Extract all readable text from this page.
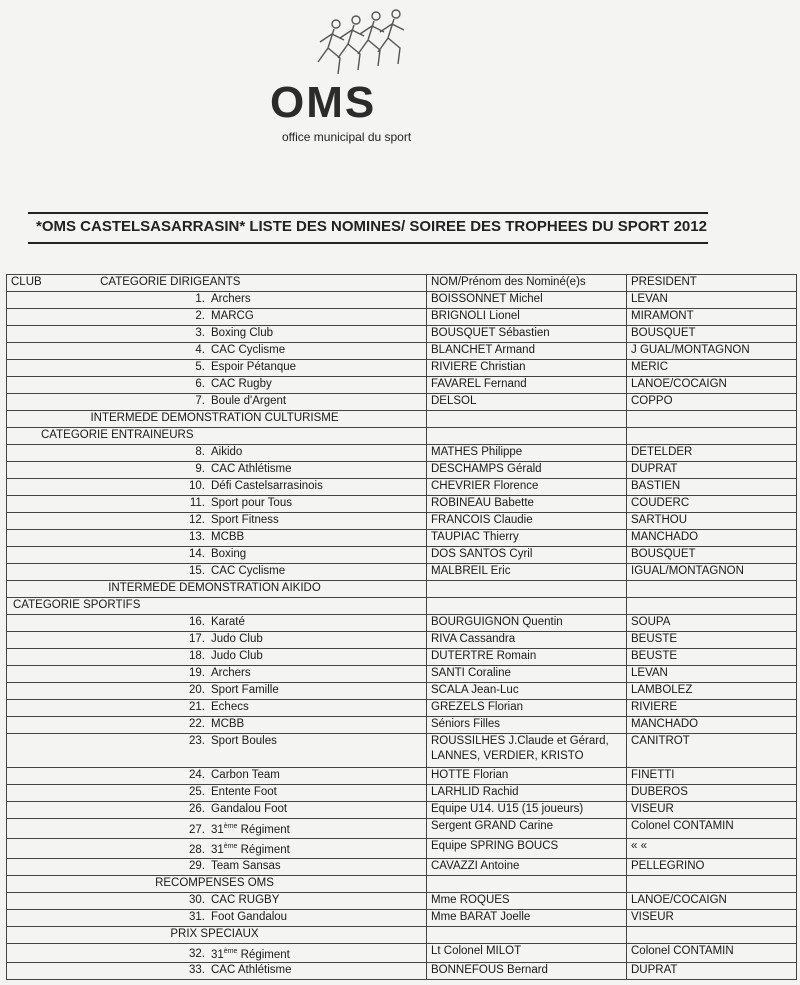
OMS
office municipal du sport
*OMS CASTELSASARRASIN* LISTE DES NOMINES/ SOIREE DES TROPHEES DU SPORT 2012
CLUB CATEGORIE DIRIGEANTS	NOM/Prénom des Nominé(e)s	PRESIDENT
1. Archers	BOISSONNET Michel	LEVAN
2. MARCG	BRIGNOLI Lionel	MIRAMONT
3. Boxing Club	BOUSQUET Sébastien	BOUSQUET
4. CAC Cyclisme	BLANCHET Armand	J GUAL/MONTAGNON
5. Espoir Pétanque	RIVIERE Christian	MERIC
6. CAC Rugby	FAVAREL Fernand	LANOE/COCAIGN
7. Boule d'Argent	DELSOL	COPPO
INTERMEDE DEMONSTRATION CULTURISME		
CATEGORIE ENTRAINEURS		
8. Aikido	MATHES Philippe	DETELDER
9. CAC Athlétisme	DESCHAMPS Gérald	DUPRAT
10. Défi Castelsarrasinois	CHEVRIER Florence	BASTIEN
11. Sport pour Tous	ROBINEAU Babette	COUDERC
12. Sport Fitness	FRANCOIS Claudie	SARTHOU
13. MCBB	TAUPIAC Thierry	MANCHADO
14. Boxing	DOS SANTOS Cyril	BOUSQUET
15. CAC Cyclisme	MALBREIL Eric	IGUAL/MONTAGNON
INTERMEDE DEMONSTRATION AIKIDO		
CATEGORIE SPORTIFS		
16. Karaté	BOURGUIGNON Quentin	SOUPA
17. Judo Club	RIVA Cassandra	BEUSTE
18. Judo Club	DUTERTRE Romain	BEUSTE
19. Archers	SANTI Coraline	LEVAN
20. Sport Famille	SCALA Jean-Luc	LAMBOLEZ
21. Echecs	GREZELS Florian	RIVIERE
22. MCBB	Séniors Filles	MANCHADO
23. Sport Boules	ROUSSILHES J.Claude et Gérard, LANNES, VERDIER, KRISTO	CANITROT
24. Carbon Team	HOTTE Florian	FINETTI
25. Entente Foot	LARHLID Rachid	DUBEROS
26. Gandalou Foot	Equipe U14. U15 (15 joueurs)	VISEUR
27. 31ème Régiment	Sergent GRAND Carine	Colonel CONTAMIN
28. 31ème Régiment	Equipe SPRING BOUCS	« «
29. Team Sansas	CAVAZZI Antoine	PELLEGRINO
RECOMPENSES OMS		
30. CAC RUGBY	Mme ROQUES	LANOE/COCAIGN
31. Foot Gandalou	Mme BARAT Joelle	VISEUR
PRIX SPECIAUX		
32. 31ème Régiment	Lt Colonel MILOT	Colonel CONTAMIN
33. CAC Athlétisme	BONNEFOUS Bernard	DUPRAT
